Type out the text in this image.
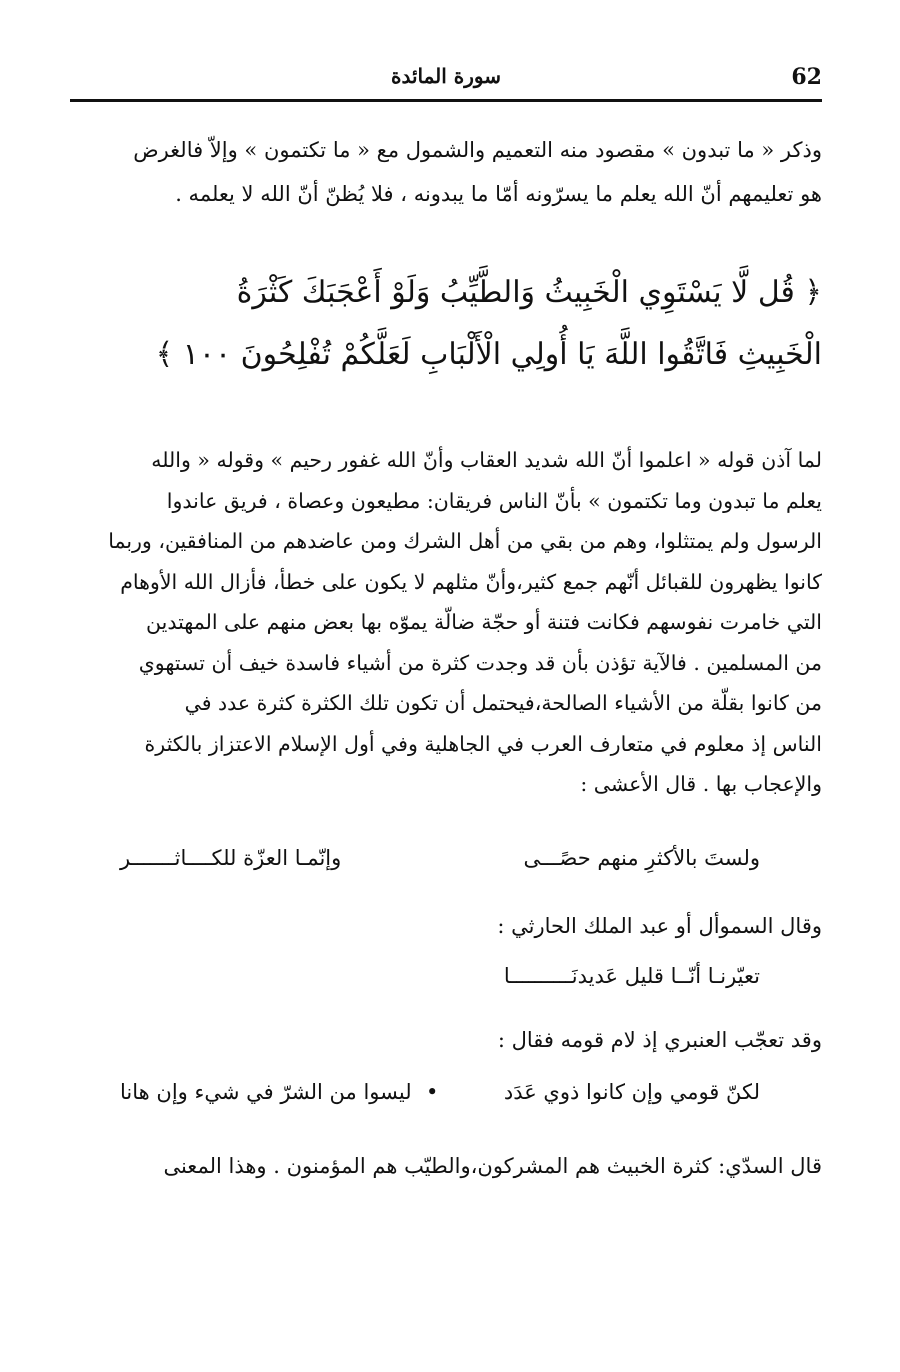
62
سورة المائدة
وذكر « ما تبدون » مقصود منه التعميم والشمول مع « ما تكتمون » وإلاّ فالغرض
هو تعليمهم أنّ الله يعلم ما يسرّونه أمّا ما يبدونه ، فلا يُظنّ أنّ الله لا يعلمه .
﴿ قُل لَّا يَسْتَوِي الْخَبِيثُ وَالطَّيِّبُ وَلَوْ أَعْجَبَكَ كَثْرَةُ
الْخَبِيثِ فَاتَّقُوا اللَّهَ يَا أُولِي الْأَلْبَابِ لَعَلَّكُمْ تُفْلِحُونَ ١٠٠ ﴾
لما آذن قوله « اعلموا أنّ الله شديد العقاب وأنّ الله غفور رحيم » وقوله « والله
يعلم ما تبدون وما تكتمون » بأنّ الناس فريقان: مطيعون وعصاة ، فريق عاندوا
الرسول ولم يمتثلوا، وهم من بقي من أهل الشرك ومن عاضدهم من المنافقين، وربما
كانوا يظهرون للقبائل أنّهم جمع كثير،وأنّ مثلهم لا يكون على خطأ، فأزال الله الأوهام
التي خامرت نفوسهم فكانت فتنة أو حجّة ضالّة يموّه بها بعض منهم على المهتدين
من المسلمين . فالآية تؤذن بأن قد وجدت كثرة من أشياء فاسدة خيف أن تستهوي
من كانوا بقلّة من الأشياء الصالحة،فيحتمل أن تكون تلك الكثرة كثرة عدد في
الناس إذ معلوم في متعارف العرب في الجاهلية وفي أول الإسلام الاعتزاز بالكثرة
والإعجاب بها . قال الأعشى :
ولستَ بالأكثرِ منهم حصًـــى
وإنّمـا العزّة للكــــاثـــــــر
وقال السموأل أو عبد الملك الحارثي :
تعيّرنـا أنّــا قليل عَديدنَــــــــــا
وقد تعجّب العنبري إذ لام قومه فقال :
لكنّ قومي وإن كانوا ذوي عَدَد
•
ليسوا من الشرّ في شيء وإن هانا
قال السدّي: كثرة الخبيث هم المشركون،والطيّب هم المؤمنون . وهذا المعنى
